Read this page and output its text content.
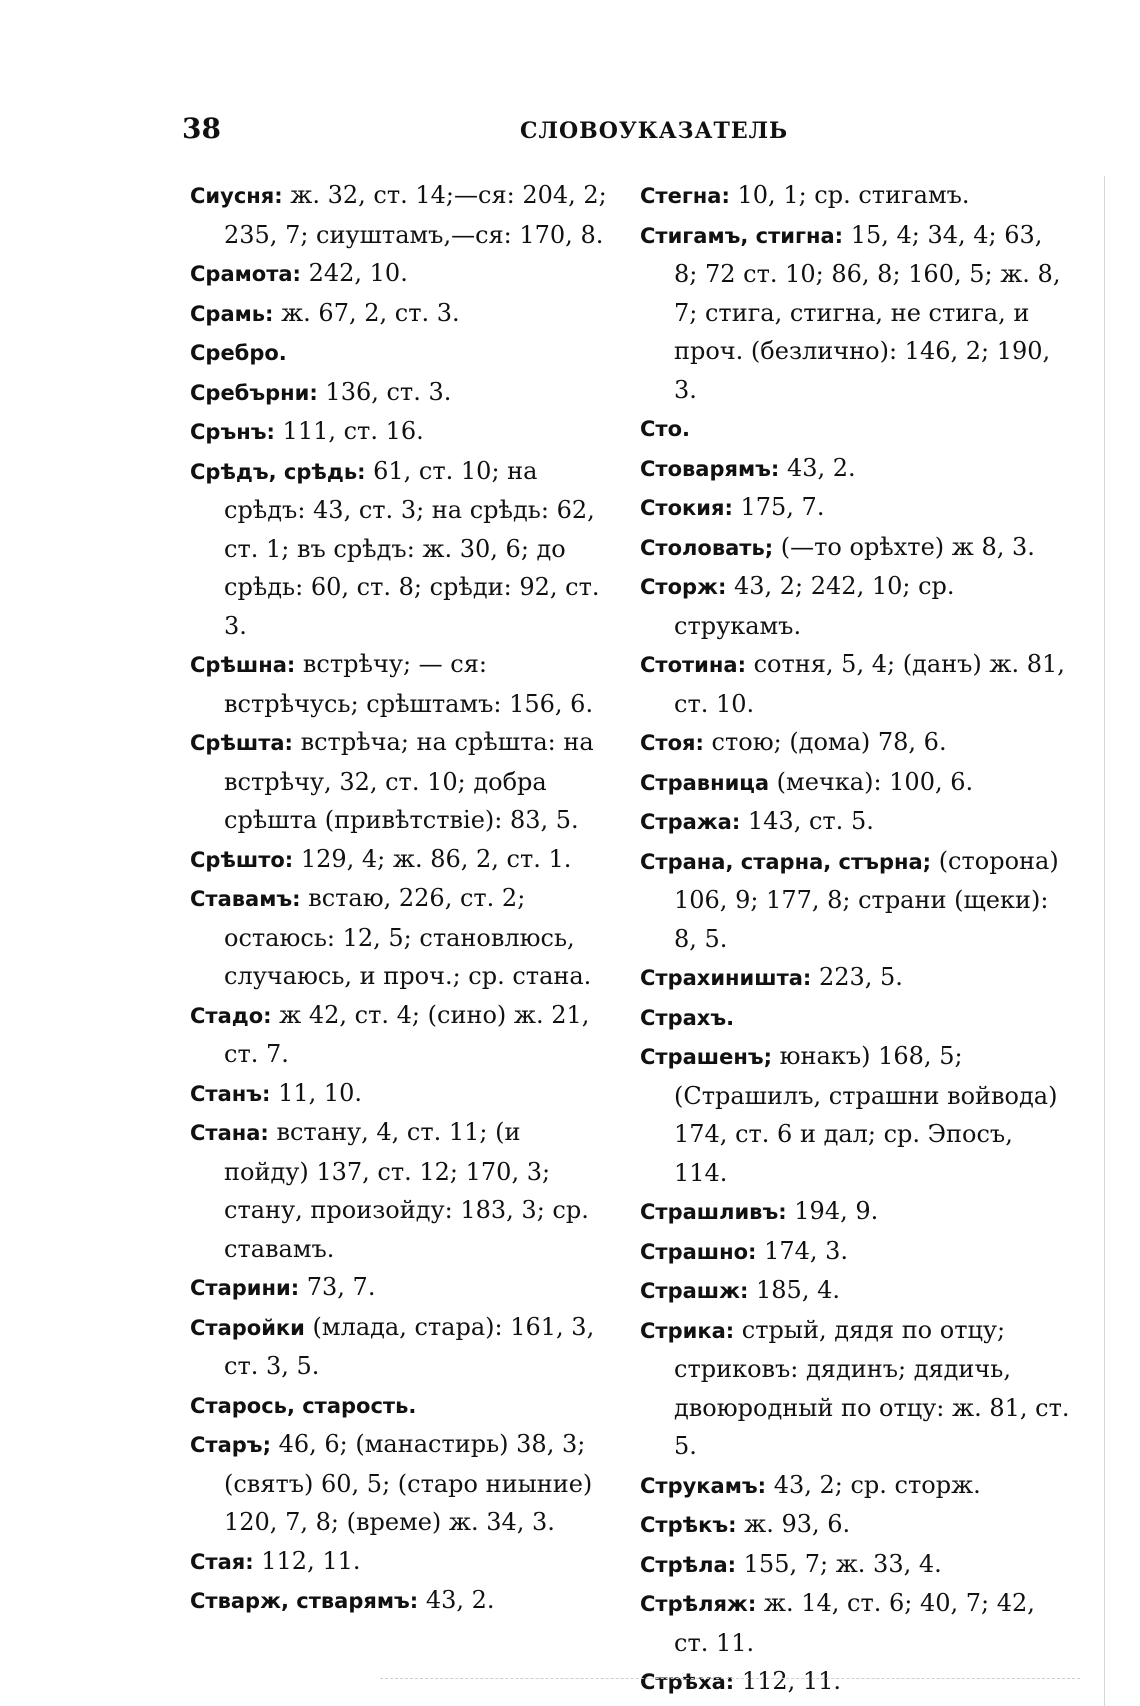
38	СЛОВОУКАЗАТЕЛЬ

Сиусня: ж. 32, ст. 14;—ся: 204, 2; 235, 7; сиуштамъ,—ся: 170, 8.

Срамота: 242, 10.

Срамь: ж. 67, 2, ст. 3.

Сребро.

Сребърни: 136, ст. 3.

Срънъ: 111, ст. 16.

Срѣдъ, срѣдь: 61, ст. 10; на срѣдъ: 43, ст. 3; на срѣдь: 62, ст. 1; въ срѣдъ: ж. 30, 6; до срѣдь: 60, ст. 8; срѣди: 92, ст. 3.

Срѣшна: встрѣчу; — ся: встрѣчусь; срѣштамъ: 156, 6.

Срѣшта: встрѣча; на срѣшта: на встрѣчу, 32, ст. 10; добра срѣшта (привѣтствіе): 83, 5.

Срѣшто: 129, 4; ж. 86, 2, ст. 1.

Ставамъ: встаю, 226, ст. 2; остаюсь: 12, 5; становлюсь, случаюсь, и проч.; ср. стана.

Стадо: ж 42, ст. 4; (сино) ж. 21, ст. 7.

Станъ: 11, 10.

Стана: встану, 4, ст. 11; (и пойду) 137, ст. 12; 170, 3; стану, произойду: 183, 3; ср. ставамъ.

Старини: 73, 7.

Старойки (млада, стара): 161, 3, ст. 3, 5.

Старось, старость.

Старъ; 46, 6; (манастирь) 38, 3; (святъ) 60, 5; (старо ниыние) 120, 7, 8; (време) ж. 34, 3.

Стая: 112, 11.

Стварж, стварямъ: 43, 2.

Стегна: 10, 1; ср. стигамъ.

Стигамъ, стигна: 15, 4; 34, 4; 63, 8; 72 ст. 10; 86, 8; 160, 5; ж. 8, 7; стига, стигна, не стига, и проч. (безлично): 146, 2; 190, 3.

Сто.

Стоварямъ: 43, 2.

Стокия: 175, 7.

Столовать; (—то орѣхте) ж 8, 3.

Сторж: 43, 2; 242, 10; ср. струкамъ.

Стотина: сотня, 5, 4; (данъ) ж. 81, ст. 10.

Стоя: стою; (дома) 78, 6.

Стравница (мечка): 100, 6.

Стража: 143, ст. 5.

Страна, старна, стърна; (сторона) 106, 9; 177, 8; страни (щеки): 8, 5.

Страхиништа: 223, 5.

Страхъ.

Страшенъ; юнакъ) 168, 5; (Страшилъ, страшни войвода) 174, ст. 6 и дал; ср. Эпосъ, 114.

Страшливъ: 194, 9.

Страшно: 174, 3.

Страшж: 185, 4.

Стрика: стрый, дядя по отцу; стриковъ: дядинъ; дядичь, двоюродный по отцу: ж. 81, ст. 5.

Струкамъ: 43, 2; ср. сторж.

Стрѣкъ: ж. 93, 6.

Стрѣла: 155, 7; ж. 33, 4.

Стрѣляж: ж. 14, ст. 6; 40, 7; 42, ст. 11.

Стрѣха: 112, 11.
